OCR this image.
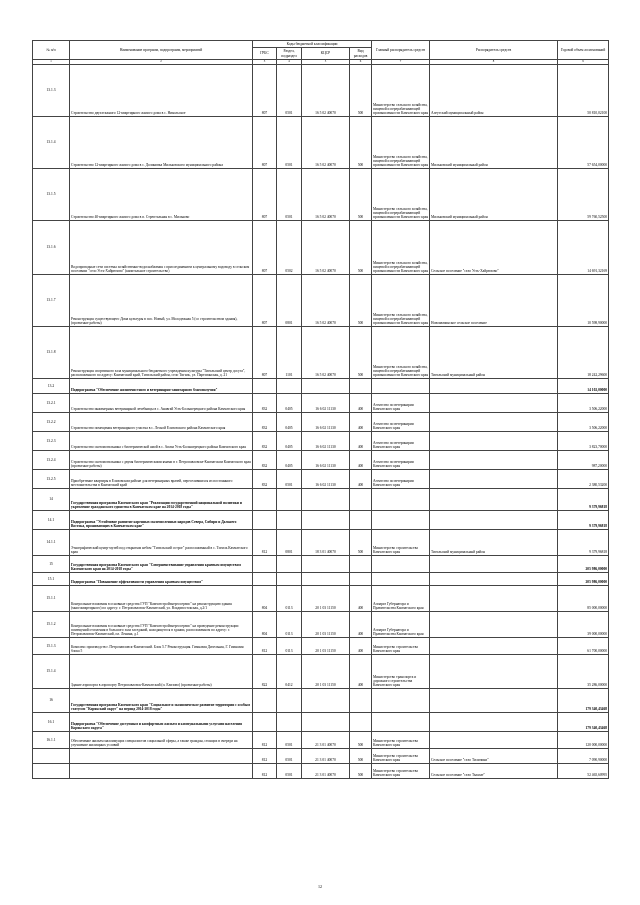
№ п/п	Наименование программ, подпрограмм, мероприятий	Коды бюджетной классификации				Главный распорядитель средств	Распорядитель средств	Годовой объем ассигнований
		ГРБС	Раздел, подраздел	КЦСР	Вид расходов			
1	2	3	4	5	6	7	8	9
13.1.3	Строительство двухэтажного 12-квартирного жилого дома в с. Никольское	807	0501	16 5 02 40070	500	Министерство сельского хозяйства, пищевой и перерабатывающей промышленности Камчатского края	Алеутский муниципальный район	50 810,02100
13.1.4	Строительство 12-квартирного жилого дома в с. Долиновка Мильковского муниципального района	807	0501	16 5 02 40070	500	Министерство сельского хозяйства, пищевой и перерабатывающей промышленности Камчатского края	Мильковский муниципальный район	57 654,00000
13.1.5	Строительство 40-квартирного жилого дома в п. Стрептальная в с. Мильково	807	0501	16 5 02 40070	500	Министерство сельского хозяйства, пищевой и перерабатывающей промышленности Камчатского края	Мильковский муниципальный район	59 760,52500
13.1.6	Водопроводные сети системы хозяйственно-водоснабжения с присоединением к центральному водоводу в сельском поселении "село Усть-Хайрюзово" (капитальное строительство)	807	0502	16 5 02 40070	500	Министерство сельского хозяйства, пищевой и перерабатывающей промышленности Камчатского края	Сельское поселение "село Усть-Хайрюзово"	14 691,32169
13.1.7	Реконструкция существующего Дома культуры в пос. Новый, ул. Молодежная 5 (со строительством здания), (проектные работы)	807	0801	16 5 02 40070	500	Министерство сельского хозяйства, пищевой и перерабатывающей промышленности Камчатского края	Новоавачинское сельское поселение	10 598,90000
13.1.8	Реконструкция спортивного зала муниципального бюджетного учреждения культуры "Тигильский центр досуга", расположенного по адресу: Камчатский край, Тигильский район, село Тигиль, ул. Партизанская, д. 21	807	1101	16 5 02 40070	500	Министерство сельского хозяйства, пищевой и перерабатывающей промышленности Камчатского края	Тигильский муниципальный район	18 242,29600
13.2	Подпрограмма "Обеспечение жизнеочистного и ветеринарно-санитарного благополучия"							14 102,00000
13.2.1	Строительство инженерных ветеринарной лечебницы в с. Анавгай Усть-Большерецкого района Камчатского края	832	0405	16 6 02 11130	400	Агентство по ветеринарии Камчатского края		3 506,22000
13.2.2	Строительство помещения ветеринарного участка в с. Лесной Елизовского района Камчатского края	832	0405	16 6 02 11130	400	Агентство по ветеринарии Камчатского края		3 506,22000
13.2.3	Строительство скотомогильника с биотермической ямой в с. Апача Усть-Большерецкого района Камчатского края	832	0405	16 6 02 11130	400	Агентство по ветеринарии Камчатского края		3 823,70000
13.2.4	Строительство скотомогильника с двумя биотермическими ямами в г. Петропавловске-Камчатском Камчатского края (проектные работы)	832	0405	16 6 02 11130	400	Агентство по ветеринарии Камчатского края		987,20000
13.2.5	Приобретение квартиры в Елизовском районе для ветеринарных врачей, переселившихся из постоянного местожительства в Камчатский край	832	0501	16 6 02 11130	400	Агентство по ветеринарии Камчатского края		2 380,53200
14	Государственная программа Камчатского края "Реализация государственной национальной политики и укрепление гражданского единства в Камчатском крае на 2014-2018 годы"							9 379,96818
14.1	Подпрограмма "Устойчивое развитие коренных малочисленных народов Севера, Сибири и Дальнего Востока, проживающих в Камчатском крае"							9 379,96818
14.1.1	Этнографический центр-музей под открытым небом "Тигильский острог" расположенный в с. Тигиль Камчатского края	812	0801	18 3 01 40070	500	Министерство строительства Камчатского края	Тигильский муниципальный район	9 379,96818
15	Государственная программа Камчатского края "Совершенствование управления краевым имуществом Камчатского края на 2014-2018 годы"							205 986,00000
15.1	Подпрограмма "Повышение эффективности управления краевым имуществом"							205 986,00000
15.1.1	Контрольные вложения в основные средства ГУП "Камчатстройэнергосервис" на реконструкцию здания (многоквартирного) по адресу: г. Петропавловск-Камчатский, ул. Владивостокская, д.2/1	804	0113	20 1 03 11150	400	Аппарат Губернатора и Правительства Камчатского края		85 000,00000
15.1.2	Контрольные вложения в основные средства ГУП "Камчатстройэнергосервис" на проведение реконструкции помещений отопления в большого зала заседаний, находящегося в здании, расположенном по адресу: г. Петропавловск-Камчатский, пл. Ленина, д.1	804	0113	20 1 03 11150	400	Аппарат Губернатора и Правительства Камчатского края		39 000,00000
15.1.3	Комплекс производств г. Петропавловск-Камчатский. Блок 5.7 Реконструкция. Гимназия Дизельная, Г. Гимназия блока 5	812	0113	20 1 03 11150	400	Министерство строительства Камчатского края		61 700,00000
15.1.4	Здание аэропорта в аэропорту Петропавловск-Камчатский (п. Елизово) (проектные работы)	822	0412	20 1 03 11150	400	Министерство транспорта и дорожного строительства Камчатского края		35 286,00000
16	Государственная программа Камчатского края "Социальное и экономическое развитие территории с особым статусом "Корякский округ" на период 2014-2018 годы"							179 340,43468
16.1	Подпрограмма "Обеспечение доступным и комфортным жильем и коммунальными услугами населения Корякского округа"							179 340,43468
16.1.1	Обеспечение жильем малоимущих специалистов социальной сферы, а также граждан, стоящих в очереди на улучшение жилищных условий	812	0501	21 3 01 40070	500	Министерство строительства Камчатского края		120 000,00000
		812	0501	21 3 01 40070	500	Министерство строительства Камчатского края	Сельское поселение "село Тиличики"	7 090,90000
		812	0501	21 3 01 40070	500	Министерство строительства Камчатского края	Сельское поселение "село Тымлат"	52 465,60995
12
